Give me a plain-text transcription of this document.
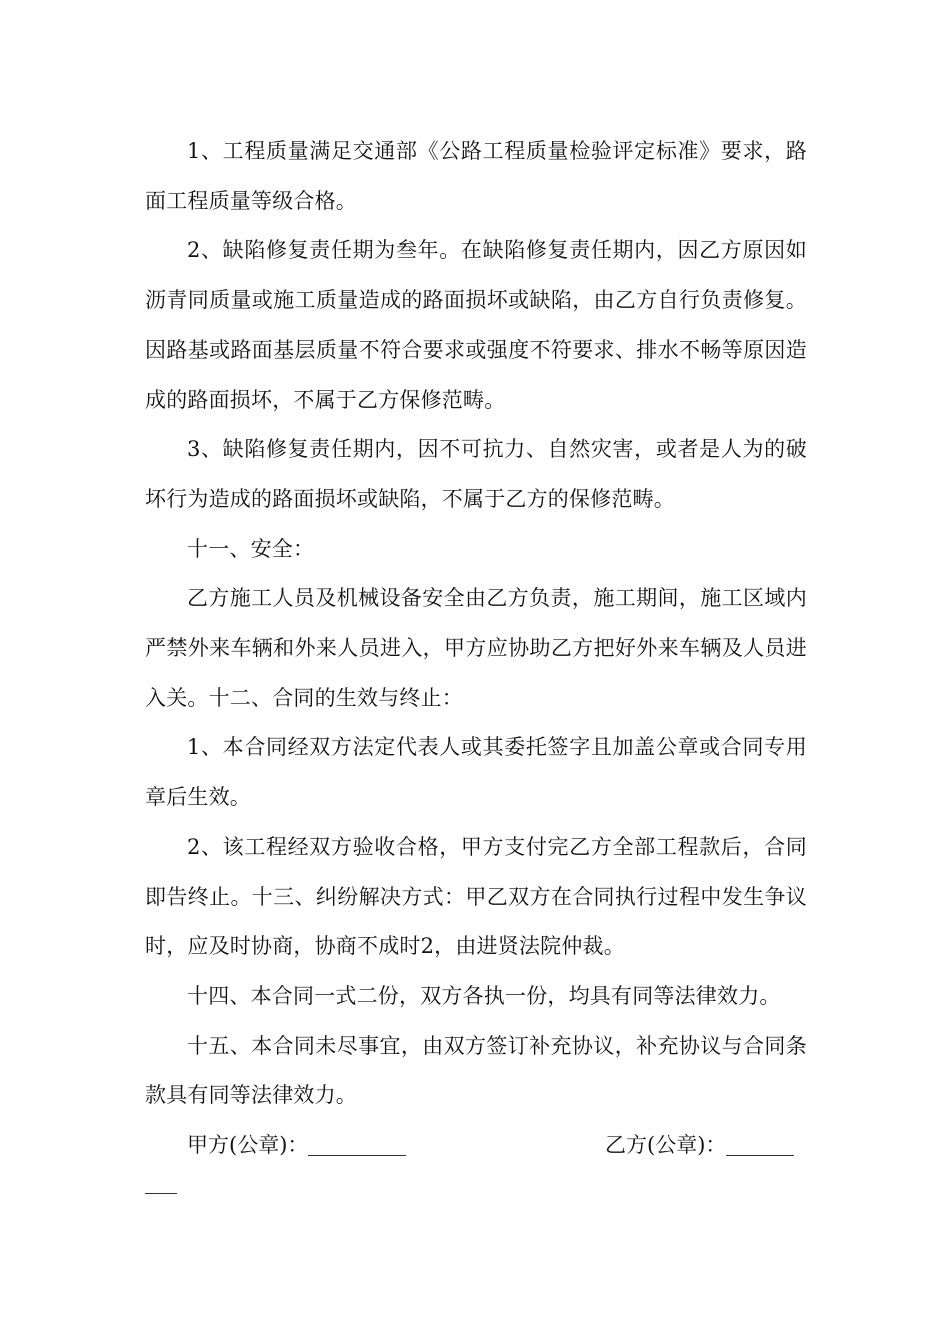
1、工程质量满足交通部《公路工程质量检验评定标准》要求，路面工程质量等级合格。

2、缺陷修复责任期为叁年。在缺陷修复责任期内，因乙方原因如沥青同质量或施工质量造成的路面损坏或缺陷，由乙方自行负责修复。因路基或路面基层质量不符合要求或强度不符要求、排水不畅等原因造成的路面损坏，不属于乙方保修范畴。

3、缺陷修复责任期内，因不可抗力、自然灾害，或者是人为的破坏行为造成的路面损坏或缺陷，不属于乙方的保修范畴。

十一、安全：

乙方施工人员及机械设备安全由乙方负责，施工期间，施工区域内严禁外来车辆和外来人员进入，甲方应协助乙方把好外来车辆及人员进入关。十二、合同的生效与终止：

1、本合同经双方法定代表人或其委托签字且加盖公章或合同专用章后生效。

2、该工程经双方验收合格，甲方支付完乙方全部工程款后，合同即告终止。十三、纠纷解决方式：甲乙双方在合同执行过程中发生争议时，应及时协商，协商不成时2，由进贤法院仲裁。

十四、本合同一式二份，双方各执一份，均具有同等法律效力。

十五、本合同未尽事宜，由双方签订补充协议，补充协议与合同条款具有同等法律效力。

甲方(公章)：	乙方(公章)：
